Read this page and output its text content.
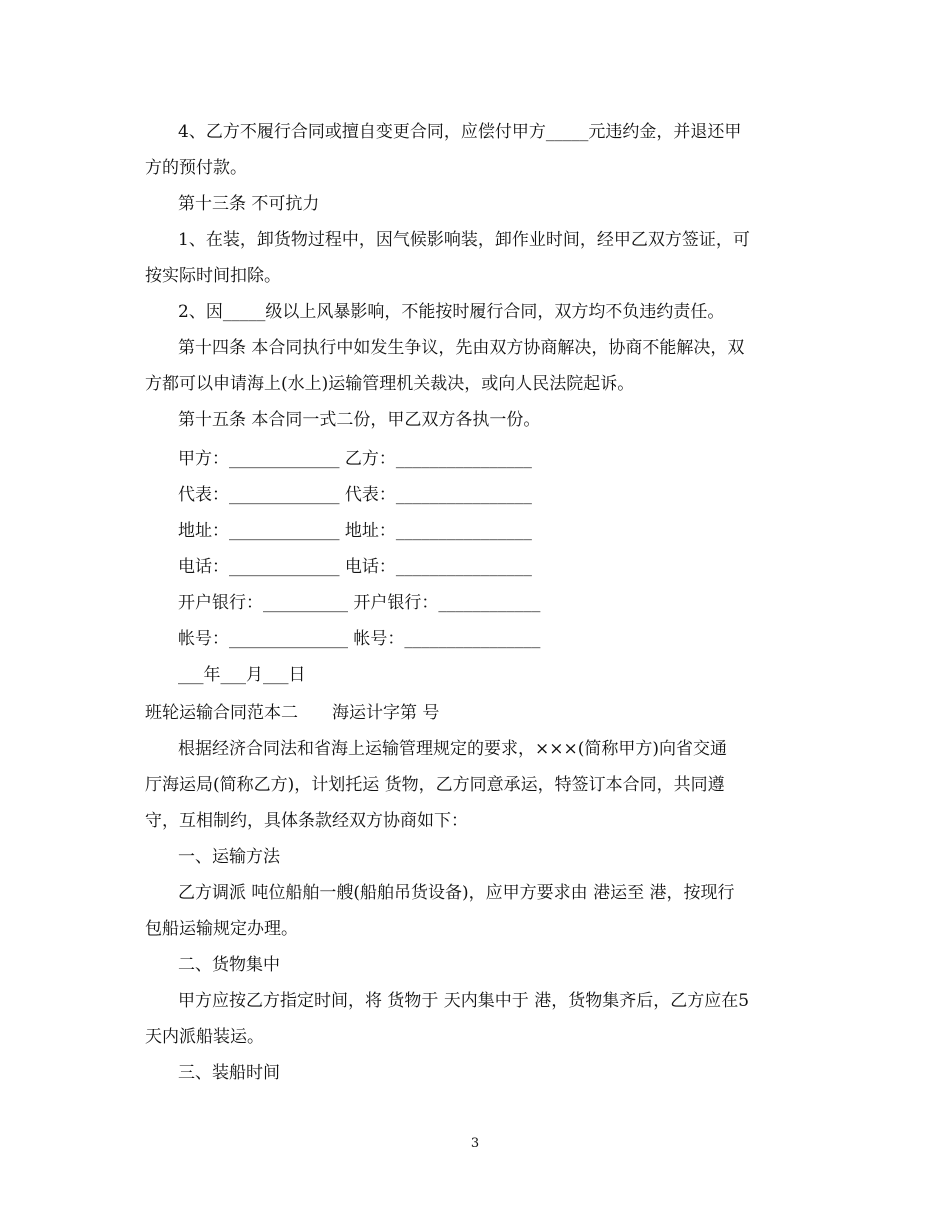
4、乙方不履行合同或擅自变更合同，应偿付甲方_____元违约金，并退还甲

方的预付款。

第十三条 不可抗力

1、在装，卸货物过程中，因气候影响装，卸作业时间，经甲乙双方签证，可

按实际时间扣除。

2、因_____级以上风暴影响，不能按时履行合同，双方均不负违约责任。

第十四条 本合同执行中如发生争议，先由双方协商解决，协商不能解决，双

方都可以申请海上(水上)运输管理机关裁决，或向人民法院起诉。

第十五条 本合同一式二份，甲乙双方各执一份。

甲方：_____________ 乙方：________________

代表：_____________ 代表：________________

地址：_____________ 地址：________________

电话：_____________ 电话：________________

开户银行：__________ 开户银行：____________

帐号：______________ 帐号：________________

___年___月___日

班轮运输合同范本二　　海运计字第 号

根据经济合同法和省海上运输管理规定的要求，×××(简称甲方)向省交通

厅海运局(简称乙方)，计划托运 货物，乙方同意承运，特签订本合同，共同遵

守，互相制约，具体条款经双方协商如下：

一、运输方法

乙方调派 吨位船舶一艘(船舶吊货设备)，应甲方要求由 港运至 港，按现行

包船运输规定办理。

二、货物集中

甲方应按乙方指定时间，将 货物于 天内集中于 港，货物集齐后，乙方应在5

天内派船装运。

三、装船时间

3
